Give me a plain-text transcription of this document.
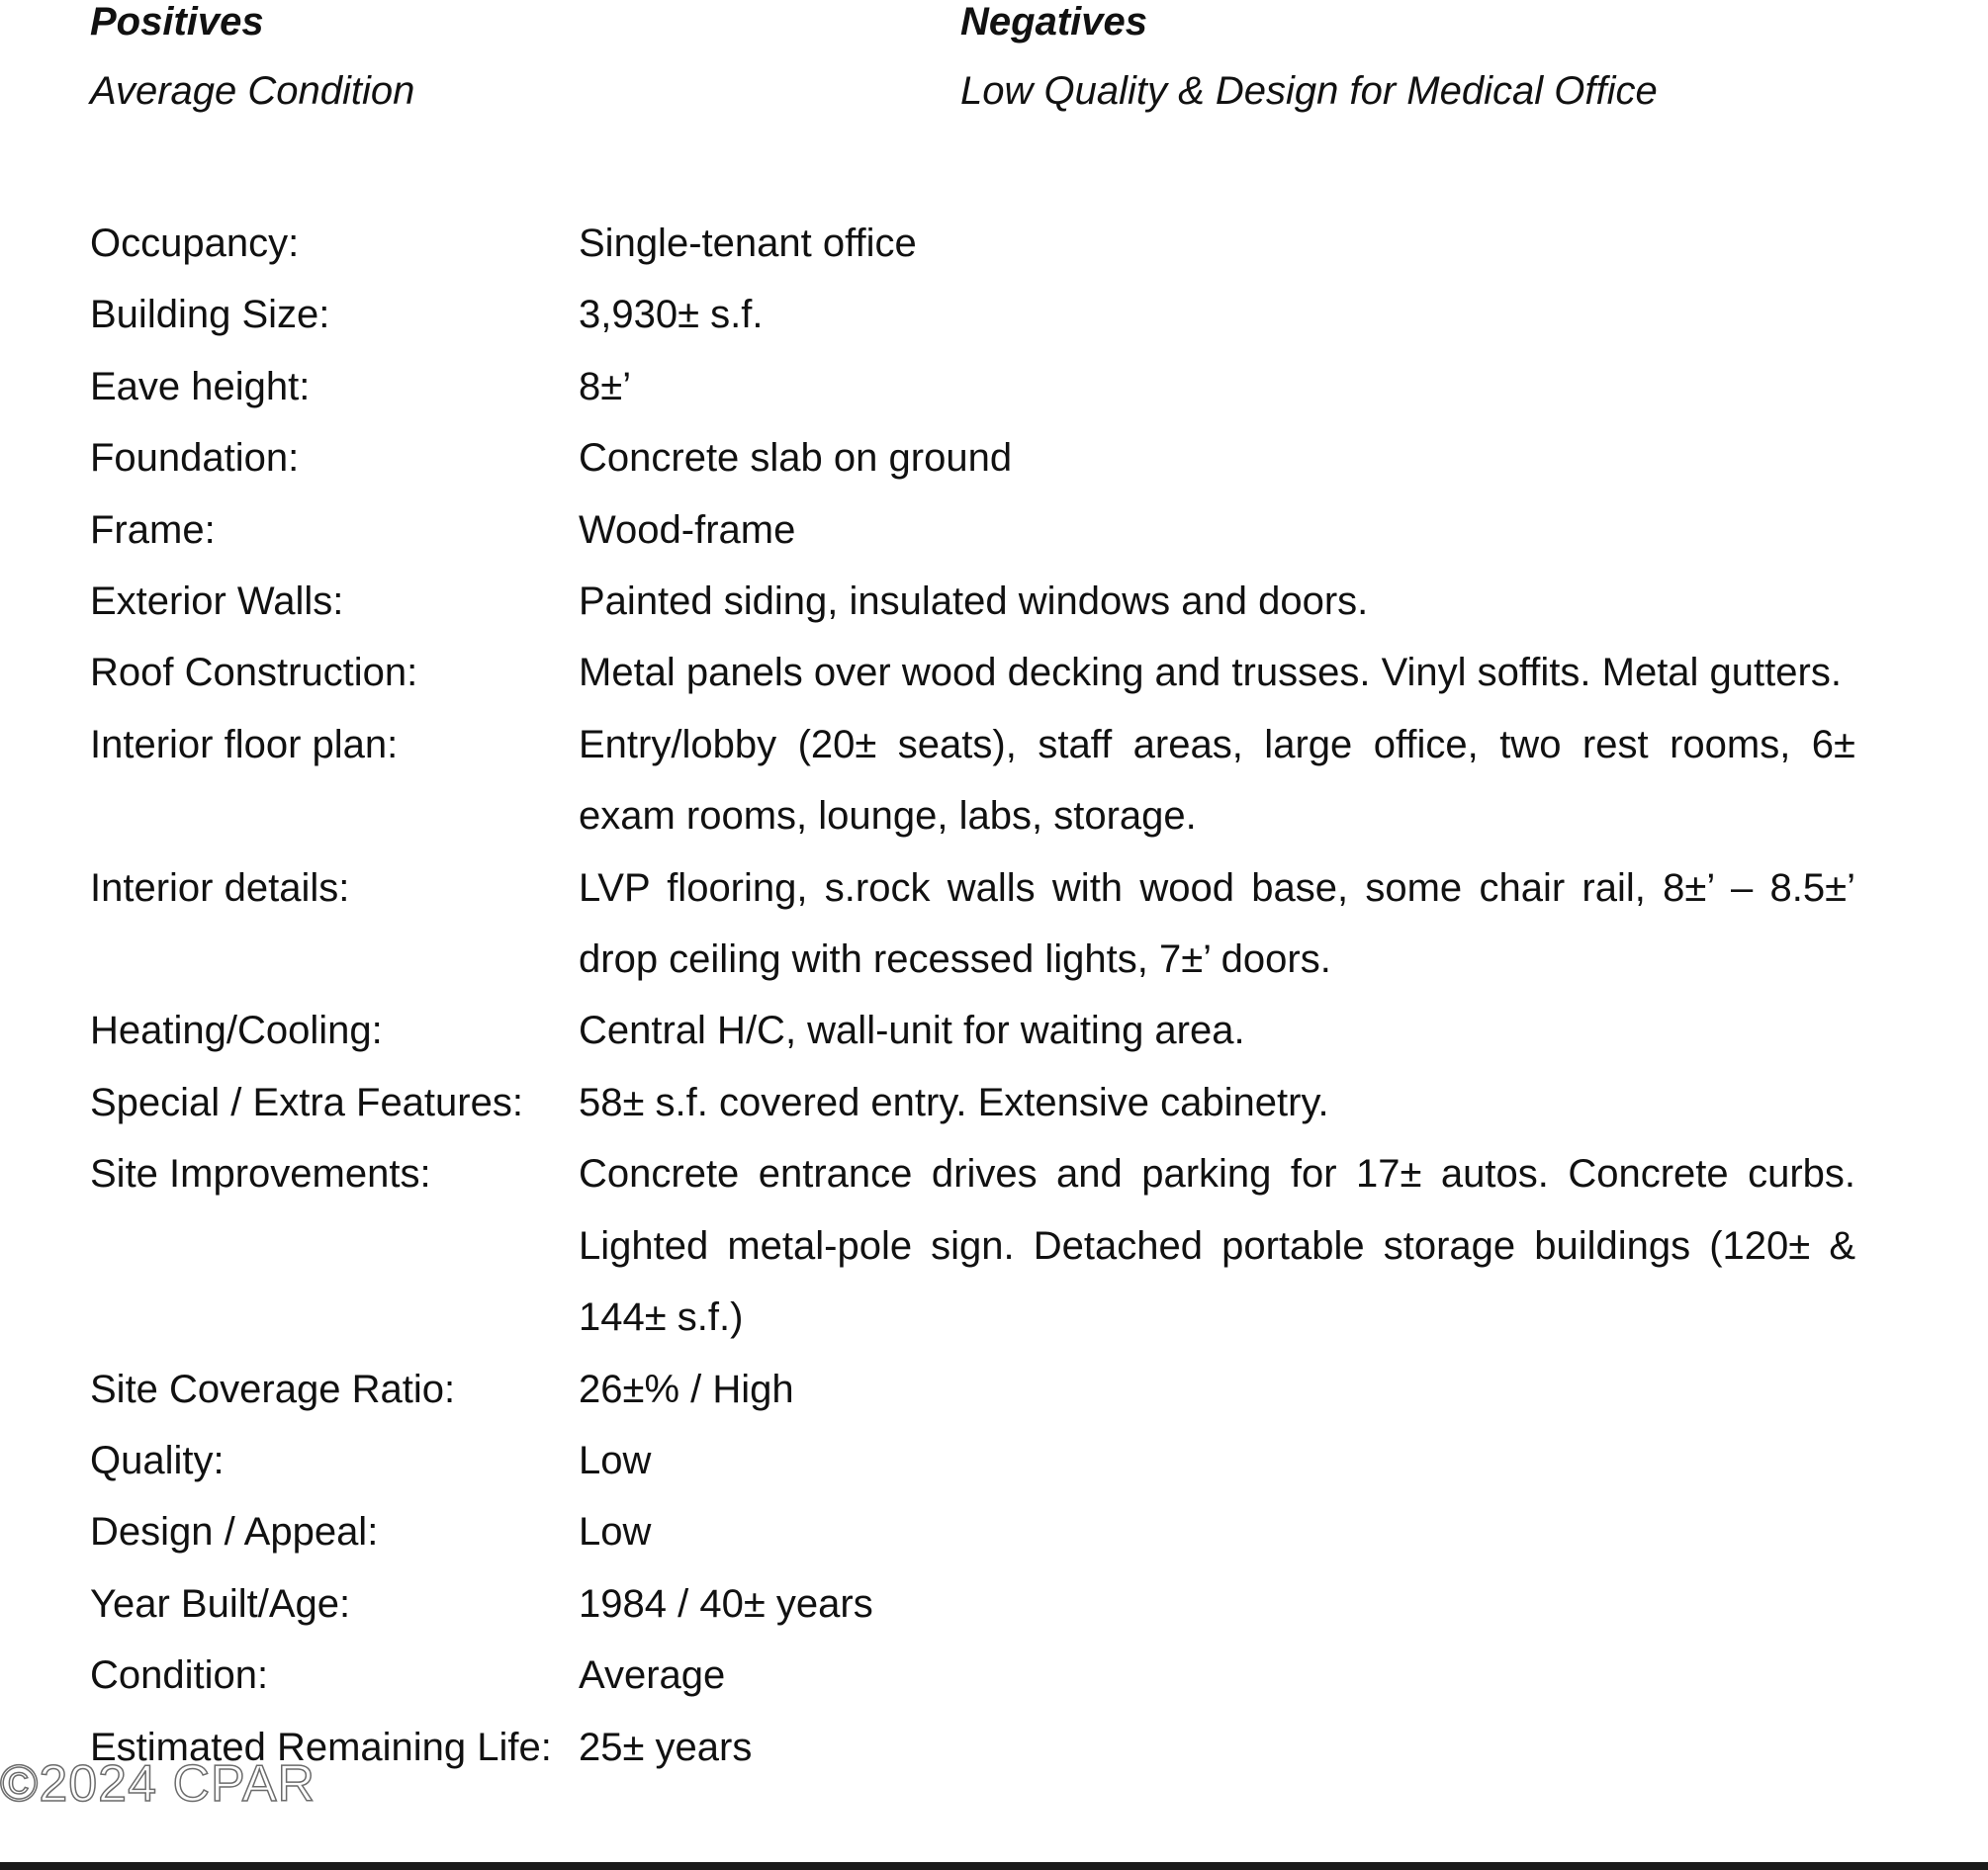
Positives	Negatives
Average Condition	Low Quality & Design for Medical Office
Occupancy:	Single-tenant office
Building Size:	3,930± s.f.
Eave height:	8±’
Foundation:	Concrete slab on ground
Frame:	Wood-frame
Exterior Walls:	Painted siding, insulated windows and doors.
Roof Construction:	Metal panels over wood decking and trusses. Vinyl soffits. Metal gutters.
Interior floor plan:	Entry/lobby (20± seats), staff areas, large office, two rest rooms, 6± exam rooms, lounge, labs, storage.
Interior details:	LVP flooring, s.rock walls with wood base, some chair rail, 8±’ – 8.5±’ drop ceiling with recessed lights, 7±’ doors.
Heating/Cooling:	Central H/C, wall-unit for waiting area.
Special / Extra Features:	58± s.f. covered entry. Extensive cabinetry.
Site Improvements:	Concrete entrance drives and parking for 17± autos. Concrete curbs. Lighted metal-pole sign. Detached portable storage buildings (120± & 144± s.f.)
Site Coverage Ratio:	26±% / High
Quality:	Low
Design / Appeal:	Low
Year Built/Age:	1984 / 40± years
Condition:	Average
Estimated Remaining Life: 25± years
©2024 CPAR
